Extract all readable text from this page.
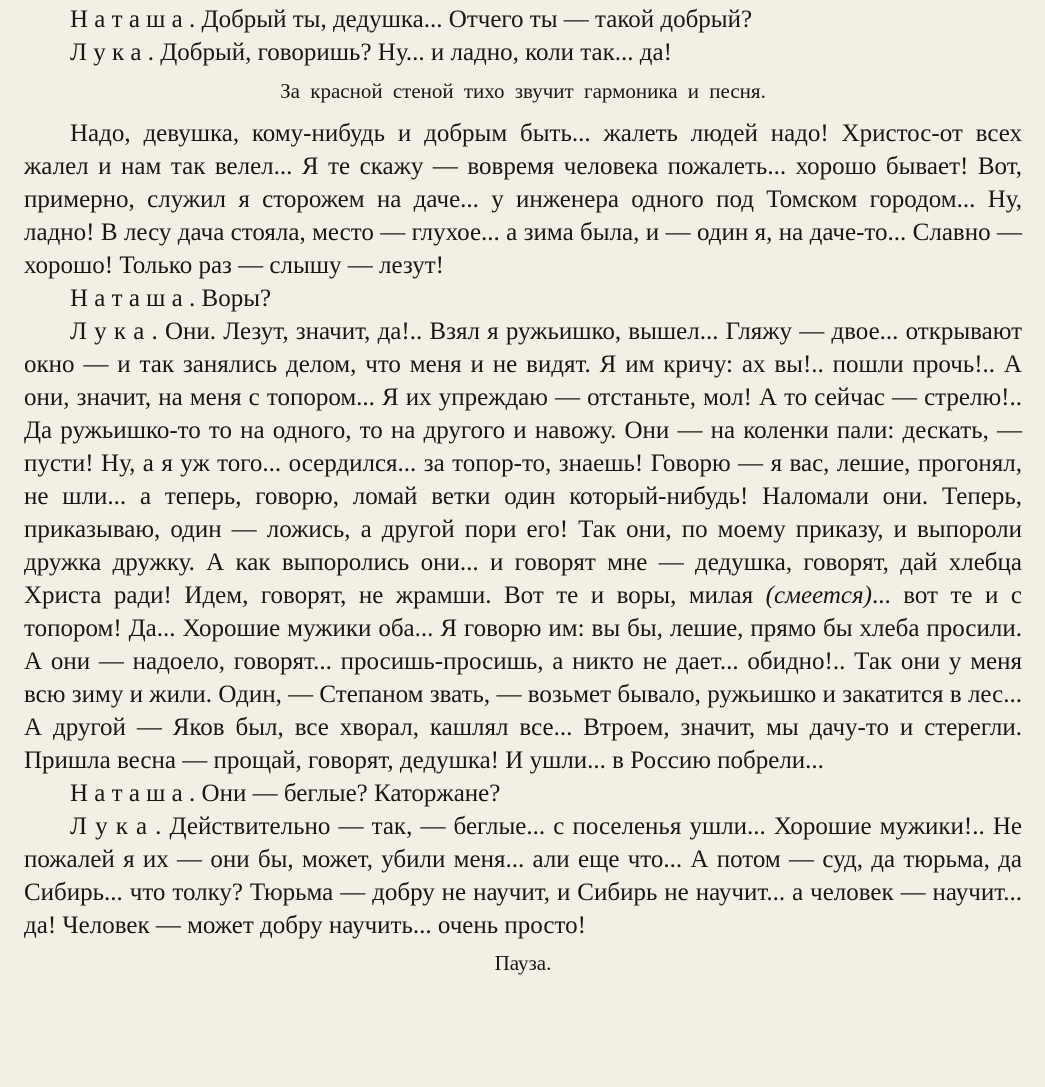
Н а т а ш а . Добрый ты, дедушка... Отчего ты — такой добрый?

Л у к а . Добрый, говоришь? Ну... и ладно, коли так... да!

За красной стеной тихо звучит гармоника и песня.

Надо, девушка, кому-нибудь и добрым быть... жалеть людей надо! Христос-от всех жалел и нам так велел... Я те скажу — вовремя человека пожалеть... хорошо бывает! Вот, примерно, служил я сторожем на даче... у инженера одного под Томском городом... Ну, ладно! В лесу дача стояла, место — глухое... а зима была, и — один я, на даче-то... Славно — хорошо! Только раз — слышу — лезут!

Н а т а ш а . Воры?

Л у к а . Они. Лезут, значит, да!.. Взял я ружьишко, вышел... Гляжу — двое... открывают окно — и так занялись делом, что меня и не видят. Я им кричу: ах вы!.. пошли прочь!.. А они, значит, на меня с топором... Я их упреждаю — отстаньте, мол! А то сейчас — стрелю!.. Да ружьишко-то то на одного, то на другого и навожу. Они — на коленки пали: дескать, — пусти! Ну, а я уж того... осердился... за топор-то, знаешь! Говорю — я вас, лешие, прогонял, не шли... а теперь, говорю, ломай ветки один который-нибудь! Наломали они. Теперь, приказываю, один — ложись, а другой пори его! Так они, по моему приказу, и выпороли дружка дружку. А как выпоролись они... и говорят мне — дедушка, говорят, дай хлебца Христа ради! Идем, говорят, не жрамши. Вот те и воры, милая (смеется)... вот те и с топором! Да... Хорошие мужики оба... Я говорю им: вы бы, лешие, прямо бы хлеба просили. А они — надоело, говорят... просишь-просишь, а никто не дает... обидно!.. Так они у меня всю зиму и жили. Один, — Степаном звать, — возьмет бывало, ружьишко и закатится в лес... А другой — Яков был, все хворал, кашлял все... Втроем, значит, мы дачу-то и стерегли. Пришла весна — прощай, говорят, дедушка! И ушли... в Россию побрели...

Н а т а ш а . Они — беглые? Каторжане?

Л у к а . Действительно — так, — беглые... с поселенья ушли... Хорошие мужики!.. Не пожалей я их — они бы, может, убили меня... али еще что... А потом — суд, да тюрьма, да Сибирь... что толку? Тюрьма — добру не научит, и Сибирь не научит... а человек — научит... да! Человек — может добру научить... очень просто!

Пауза.
